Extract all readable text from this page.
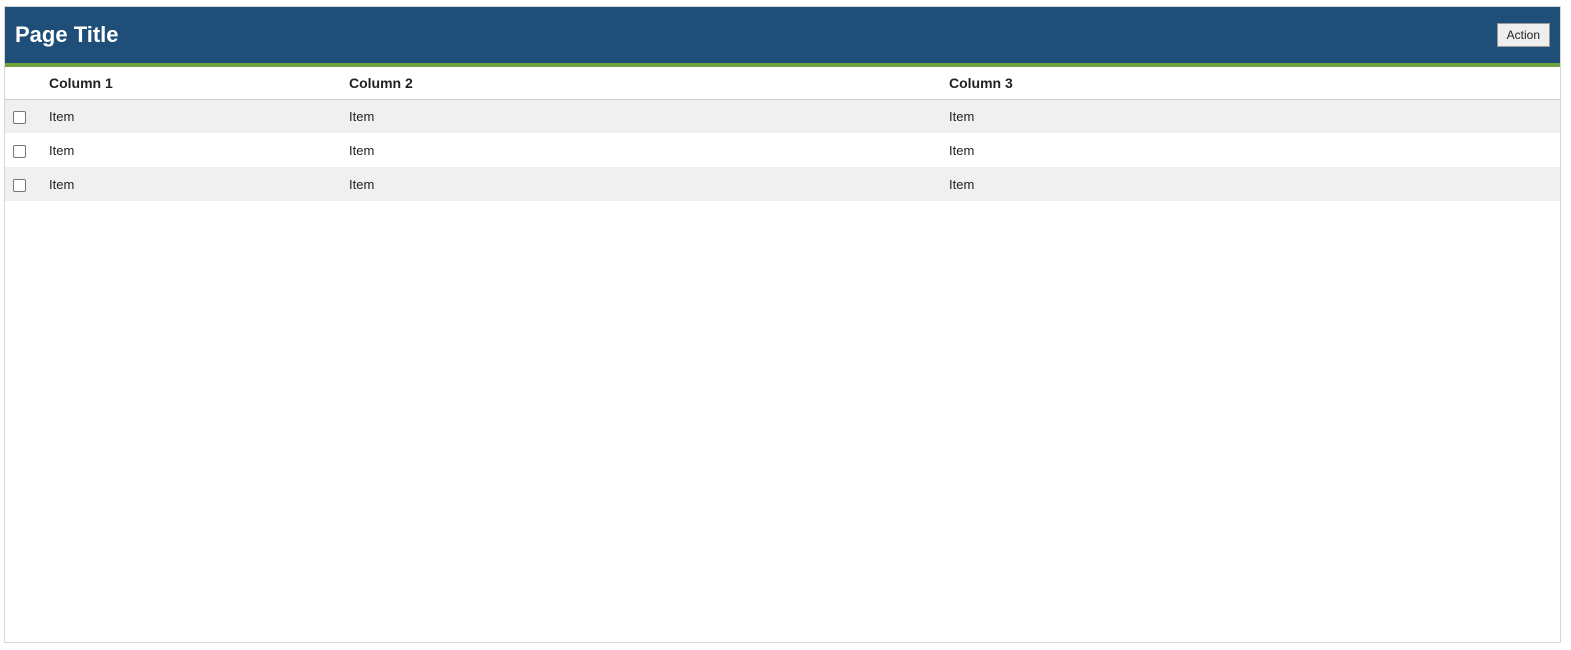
Page Title	Action
	Column 1	Column 2	Column 3
	Item	Item	Item
	Item	Item	Item
	Item	Item	Item
